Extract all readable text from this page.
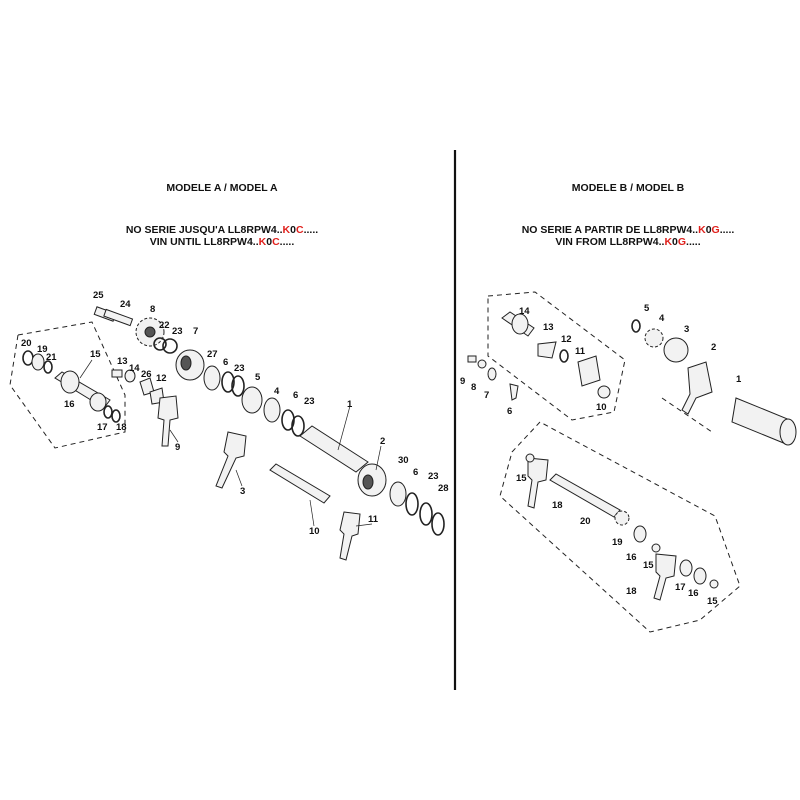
MODELE A / MODEL A
NO SERIE JUSQU'A LL8RPW4..K0C.....
VIN UNTIL LL8RPW4..K0C.....
MODELE B / MODEL B
NO SERIE A PARTIR DE LL8RPW4..K0G.....
VIN FROM LL8RPW4..K0G.....
25
24 8
22
23 7
20
19
21	15
13
14
26 12
27
6
23
5
4 6
23
16
17 18
9
1
3
2
30
6 23
28
10
11
5
4
3
2
1
14
13
12
11
9
8
7
6	10
15
18
20
19
16
15
18	17
16
15
